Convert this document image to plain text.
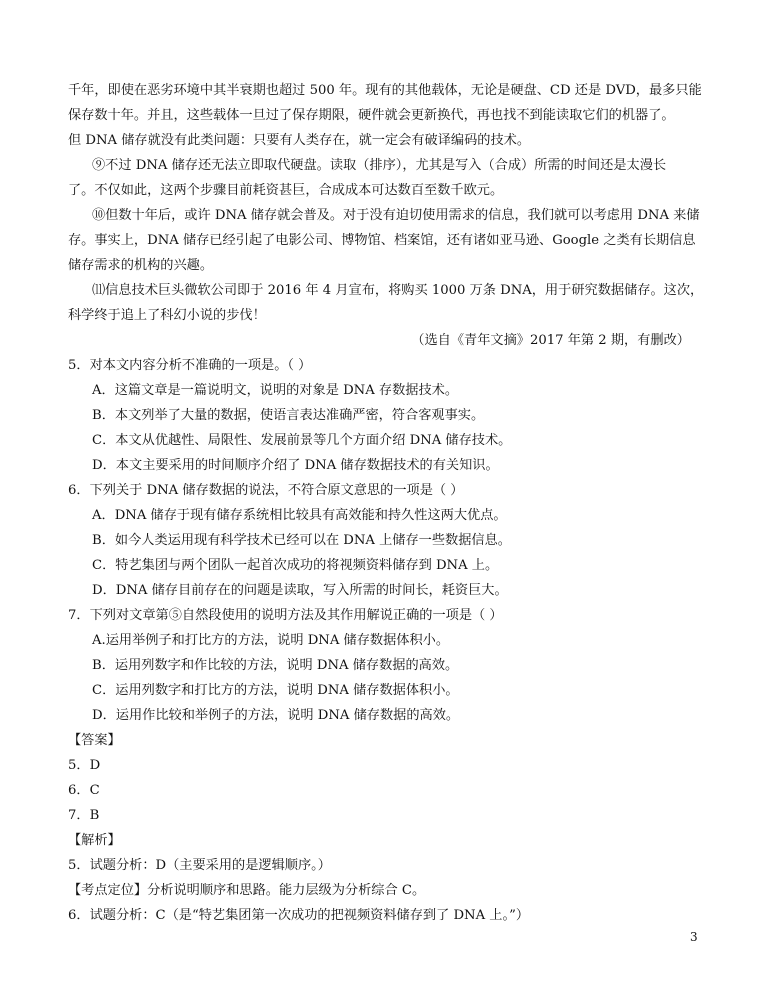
千年，即使在恶劣环境中其半衰期也超过 500 年。现有的其他载体，无论是硬盘、CD 还是 DVD，最多只能
保存数十年。并且，这些载体一旦过了保存期限，硬件就会更新换代，再也找不到能读取它们的机器了。
但 DNA 储存就没有此类问题：只要有人类存在，就一定会有破译编码的技术。
⑨不过 DNA 储存还无法立即取代硬盘。读取（排序），尤其是写入（合成）所需的时间还是太漫长
了。不仅如此，这两个步骤目前耗资甚巨，合成成本可达数百至数千欧元。
⑩但数十年后，或许 DNA 储存就会普及。对于没有迫切使用需求的信息，我们就可以考虑用 DNA 来储
存。事实上，DNA 储存已经引起了电影公司、博物馆、档案馆，还有诸如亚马逊、Google 之类有长期信息
储存需求的机构的兴趣。
⑾信息技术巨头微软公司即于 2016 年 4 月宣布，将购买 1000 万条 DNA，用于研究数据储存。这次，
科学终于追上了科幻小说的步伐！
（选自《青年文摘》2017 年第 2 期，有删改）
5．对本文内容分析不准确的一项是。（ ）
A．这篇文章是一篇说明文，说明的对象是 DNA 存数据技术。
B．本文列举了大量的数据，使语言表达准确严密，符合客观事实。
C．本文从优越性、局限性、发展前景等几个方面介绍 DNA 储存技术。
D．本文主要采用的时间顺序介绍了 DNA 储存数据技术的有关知识。
6．下列关于 DNA 储存数据的说法，不符合原文意思的一项是（ ）
A．DNA 储存于现有储存系统相比较具有高效能和持久性这两大优点。
B．如今人类运用现有科学技术已经可以在 DNA 上储存一些数据信息。
C．特艺集团与两个团队一起首次成功的将视频资料储存到 DNA 上。
D．DNA 储存目前存在的问题是读取，写入所需的时间长，耗资巨大。
7．下列对文章第⑤自然段使用的说明方法及其作用解说正确的一项是（ ）
A.运用举例子和打比方的方法，说明 DNA 储存数据体积小。
B．运用列数字和作比较的方法，说明 DNA 储存数据的高效。
C．运用列数字和打比方的方法，说明 DNA 储存数据体积小。
D．运用作比较和举例子的方法，说明 DNA 储存数据的高效。
【答案】
5．D
6．C
7．B
【解析】
5．试题分析：D（主要采用的是逻辑顺序。）
【考点定位】分析说明顺序和思路。能力层级为分析综合 C。
6．试题分析：C（是“特艺集团第一次成功的把视频资料储存到了 DNA 上。”）
3
